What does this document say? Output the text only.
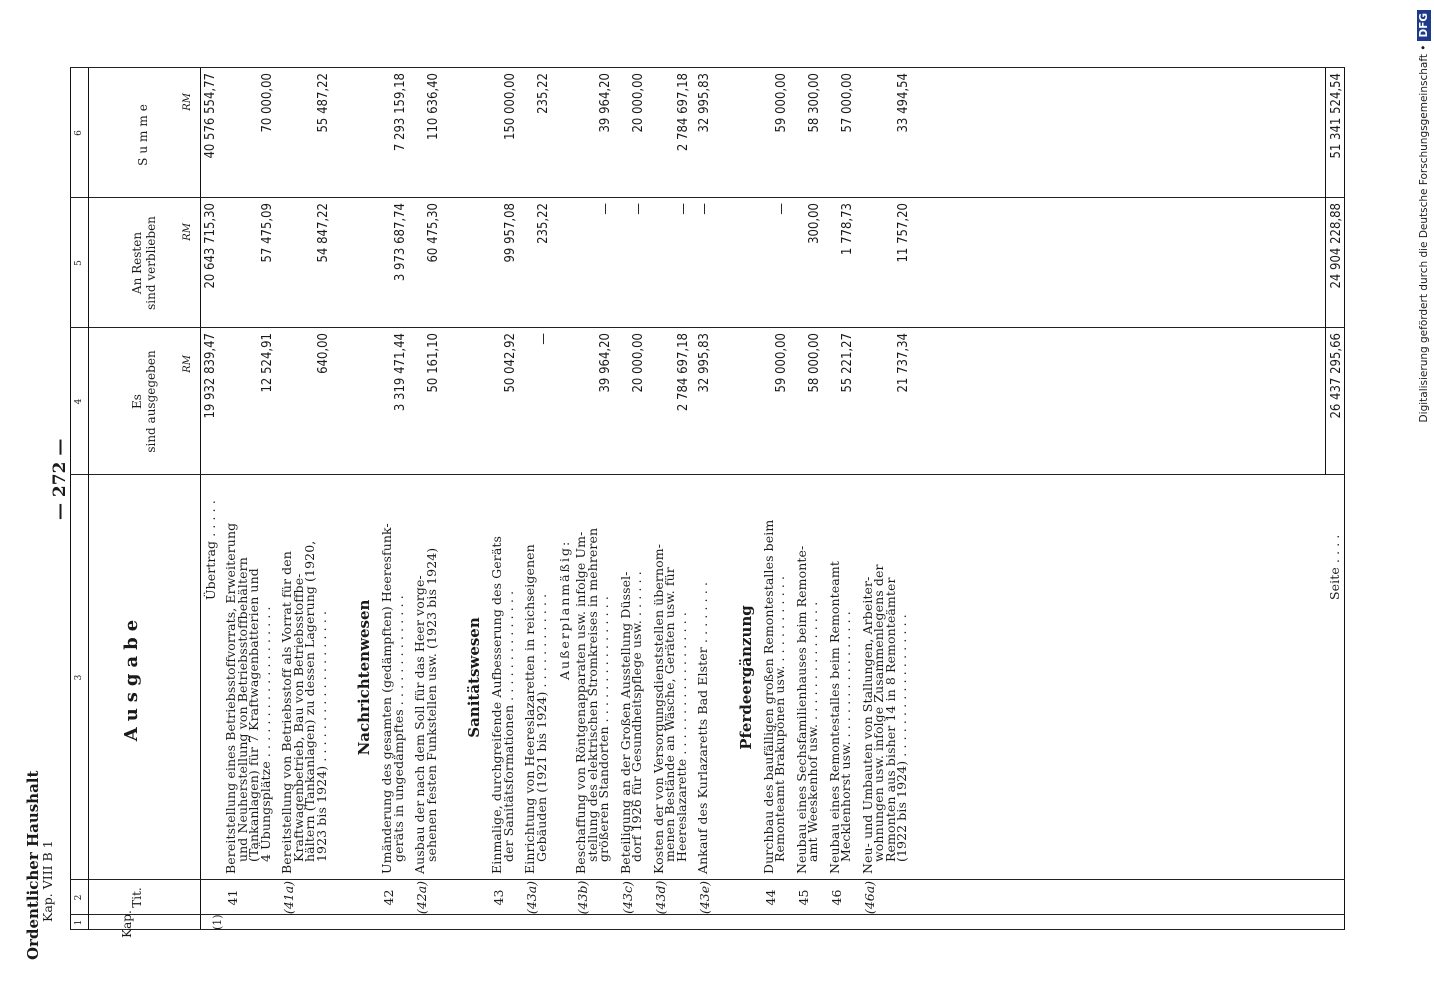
Ordentlicher Haushalt
Kap. VIII B 1
— 272 —
1
2
3
4
5
6
Kap.
Tit.
Ausgabe
Es sind ausgegeben
An Resten sind verblieben
Summe
RM
RM
RM
(1)
Übertrag . . . . .
19 932 839,47
20 643 715,30
40 576 554,77
41
Bereitstellung eines Betriebsstoffvorrats, Erweiterung
und Neuherstellung von Betriebsstoffbehältern
(Tankanlagen) für 7 Kraftwagenbatterien und
4 Übungsplätze . . . . . . . . . . . . . . . . . . .
12 524,91
57 475,09
70 000,00
(41a)
Bereitstellung von Betriebsstoff als Vorrat für den
Kraftwagenbetrieb, Bau von Betriebsstoffbe-
hältern (Tankanlagen) zu dessen Lagerung (1920,
1923 bis 1924) . . . . . . . . . . . . . . . . . . .
640,00
54 847,22
55 487,22
Nachrichtenwesen
42
Umänderung des gesamten (gedämpften) Heeresfunk-
geräts in ungedämpftes . . . . . . . . . . . . . .
3 319 471,44
3 973 687,74
7 293 159,18
(42a)
Ausbau der nach dem Soll für das Heer vorge-
sehenen festen Funkstellen usw. (1923 bis 1924)
50 161,10
60 475,30
110 636,40
Sanitätswesen
43
Einmalige, durchgreifende Aufbesserung des Geräts
der Sanitätsformationen . . . . . . . . . . . . . .
50 042,92
99 957,08
150 000,00
(43a)
Einrichtung von Heereslazaretten in reichseigenen
Gebäuden (1921 bis 1924) . . . . . . . . . . . .
—
235,22
235,22
Außerplanmäßig:
(43b)
Beschaffung von Röntgenapparaten usw. infolge Um-
stellung des elektrischen Stromkreises in mehreren
größeren Standorten . . . . . . . . . . . . . . . .
39 964,20
—
39 964,20
(43c)
Beteiligung an der Großen Ausstellung Düssel-
dorf 1926 für Gesundheitspflege usw. . . . . . .
20 000,00
—
20 000,00
(43d)
Kosten der von Versorgungsdienststellen übernom-
menen Bestände an Wäsche, Geräten usw. für
Heereslazarette . . . . . . . . . . . . . . . . . .
2 784 697,18
—
2 784 697,18
(43e)
Ankauf des Kurlazaretts Bad Elster . . . . . . . .
32 995,83
—
32 995,83
Pferdeergänzung
44
Durchbau des baufälligen großen Remontestalles beim
Remonteamt Brakupönen usw. . . . . . . . . . . .
59 000,00
—
59 000,00
45
Neubau eines Sechsfamilienhauses beim Remonte-
amt Weeskenhof usw. . . . . . . . . . . . . . . .
58 000,00
300,00
58 300,00
46
Neubau eines Remontestalles beim Remonteamt
Mecklenhorst usw. . . . . . . . . . . . . . . . .
55 221,27
1 778,73
57 000,00
(46a)
Neu- und Umbauten von Stallungen, Arbeiter-
wohnungen usw. infolge Zusammenlegens der
Remonten aus bisher 14 in 8 Remonteämter
(1922 bis 1924) . . . . . . . . . . . . . . . . . .
21 737,34
11 757,20
33 494,54
Seite . . . .
26 437 295,66
24 904 228,88
51 341 524,54	Digitalisierung gefördert durch die Deutsche Forschungsgemeinschaft •DFG
